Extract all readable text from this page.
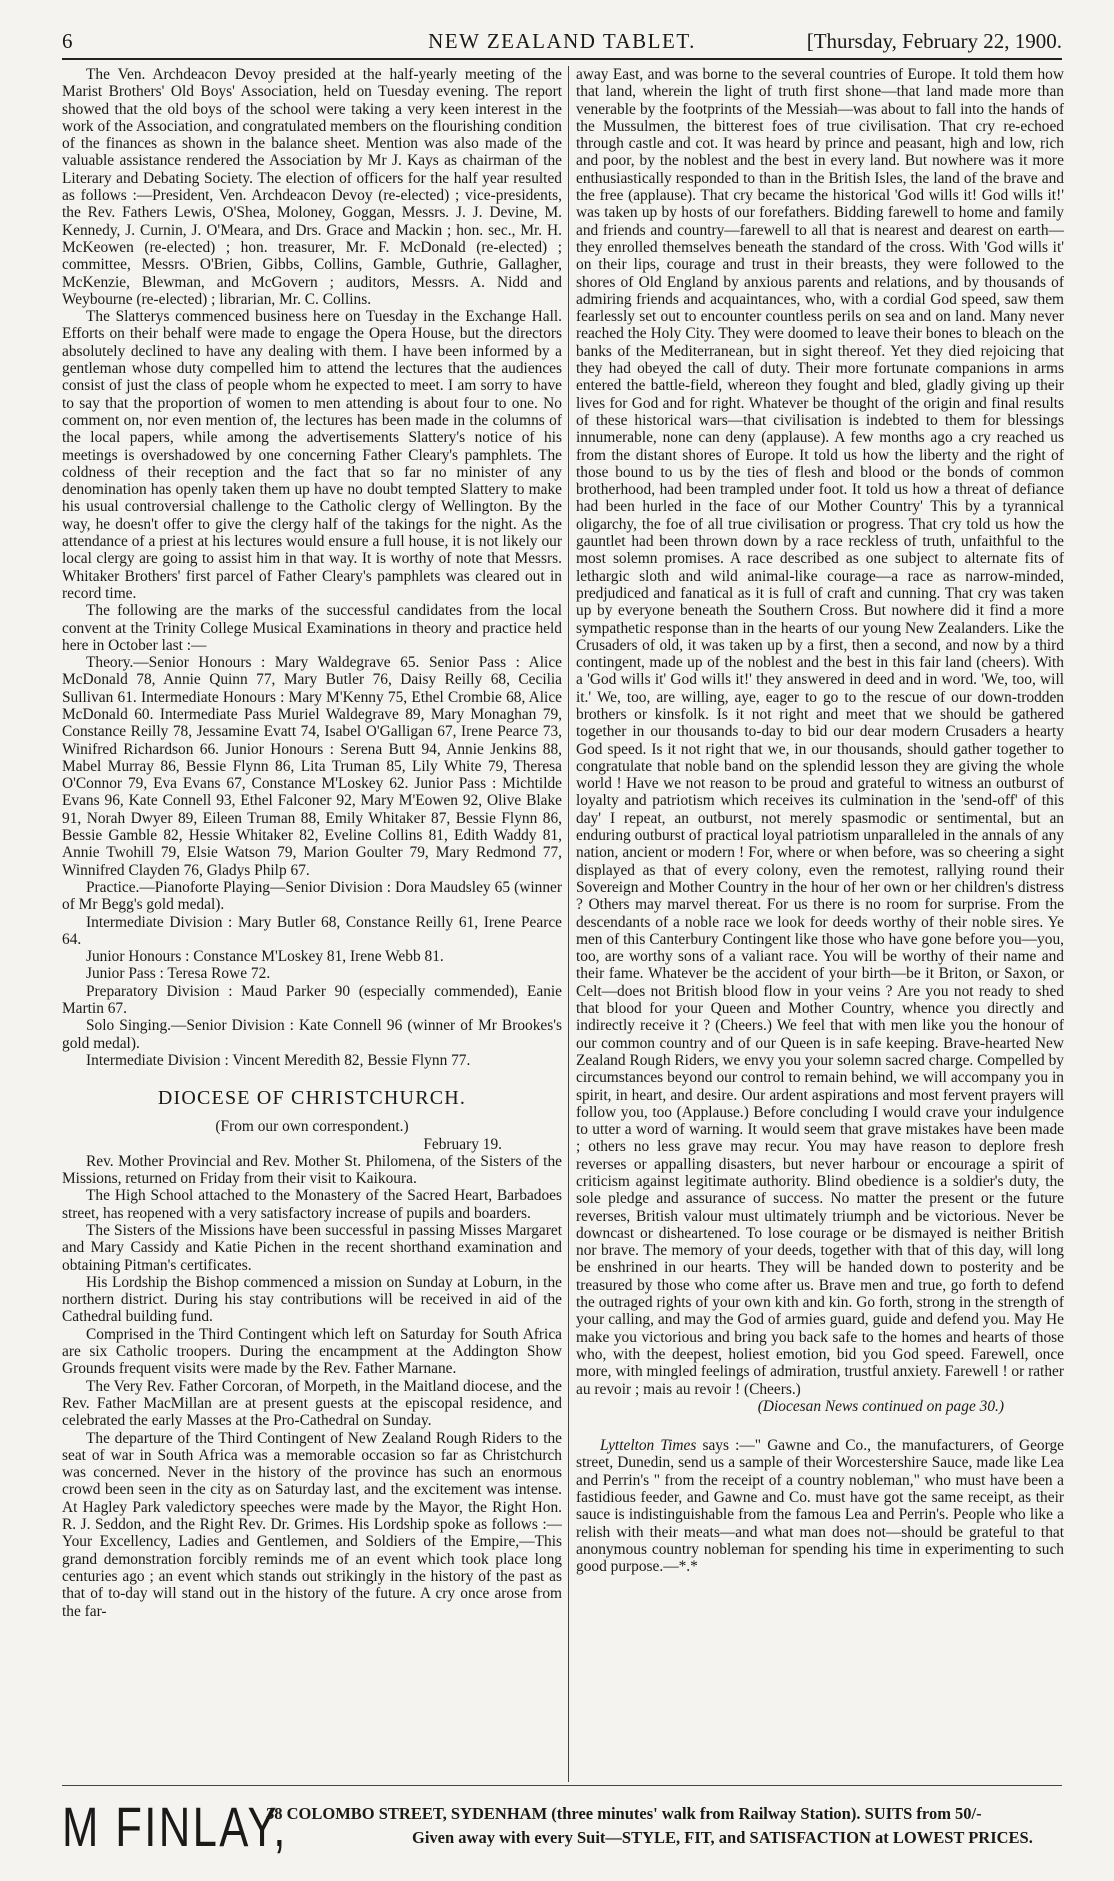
6	NEW ZEALAND TABLET.	[Thursday, February 22, 1900.

The Ven. Archdeacon Devoy presided at the half-yearly meeting of the Marist Brothers' Old Boys' Association, held on Tuesday evening. The report showed that the old boys of the school were taking a very keen interest in the work of the Association, and congratulated members on the flourishing condition of the finances as shown in the balance sheet. Mention was also made of the valuable assistance rendered the Association by Mr J. Kays as chairman of the Literary and Debating Society. The election of officers for the half year resulted as follows :—President, Ven. Archdeacon Devoy (re-elected) ; vice-presidents, the Rev. Fathers Lewis, O'Shea, Moloney, Goggan, Messrs. J. J. Devine, M. Kennedy, J. Curnin, J. O'Meara, and Drs. Grace and Mackin ; hon. sec., Mr. H. McKeowen (re-elected) ; hon. treasurer, Mr. F. McDonald (re-elected) ; committee, Messrs. O'Brien, Gibbs, Collins, Gamble, Guthrie, Gallagher, McKenzie, Blewman, and McGovern ; auditors, Messrs. A. Nidd and Weybourne (re-elected) ; librarian, Mr. C. Collins.

The Slatterys commenced business here on Tuesday in the Exchange Hall. Efforts on their behalf were made to engage the Opera House, but the directors absolutely declined to have any dealing with them. I have been informed by a gentleman whose duty compelled him to attend the lectures that the audiences consist of just the class of people whom he expected to meet. I am sorry to have to say that the proportion of women to men attending is about four to one. No comment on, nor even mention of, the lectures has been made in the columns of the local papers, while among the advertisements Slattery's notice of his meetings is overshadowed by one concerning Father Cleary's pamphlets. The coldness of their reception and the fact that so far no minister of any denomination has openly taken them up have no doubt tempted Slattery to make his usual controversial challenge to the Catholic clergy of Wellington. By the way, he doesn't offer to give the clergy half of the takings for the night. As the attendance of a priest at his lectures would ensure a full house, it is not likely our local clergy are going to assist him in that way. It is worthy of note that Messrs. Whitaker Brothers' first parcel of Father Cleary's pamphlets was cleared out in record time.

The following are the marks of the successful candidates from the local convent at the Trinity College Musical Examinations in theory and practice held here in October last :—

Theory.—Senior Honours : Mary Waldegrave 65. Senior Pass : Alice McDonald 78, Annie Quinn 77, Mary Butler 76, Daisy Reilly 68, Cecilia Sullivan 61. Intermediate Honours : Mary M'Kenny 75, Ethel Crombie 68, Alice McDonald 60. Intermediate Pass Muriel Waldegrave 89, Mary Monaghan 79, Constance Reilly 78, Jessamine Evatt 74, Isabel O'Galligan 67, Irene Pearce 73, Winifred Richardson 66. Junior Honours : Serena Butt 94, Annie Jenkins 88, Mabel Murray 86, Bessie Flynn 86, Lita Truman 85, Lily White 79, Theresa O'Connor 79, Eva Evans 67, Constance M'Loskey 62. Junior Pass : Michtilde Evans 96, Kate Connell 93, Ethel Falconer 92, Mary M'Eowen 92, Olive Blake 91, Norah Dwyer 89, Eileen Truman 88, Emily Whitaker 87, Bessie Flynn 86, Bessie Gamble 82, Hessie Whitaker 82, Eveline Collins 81, Edith Waddy 81, Annie Twohill 79, Elsie Watson 79, Marion Goulter 79, Mary Redmond 77, Winnifred Clayden 76, Gladys Philp 67.

Practice.—Pianoforte Playing—Senior Division : Dora Maudsley 65 (winner of Mr Begg's gold medal).

Intermediate Division : Mary Butler 68, Constance Reilly 61, Irene Pearce 64.

Junior Honours : Constance M'Loskey 81, Irene Webb 81.

Junior Pass : Teresa Rowe 72.

Preparatory Division : Maud Parker 90 (especially commended), Eanie Martin 67.

Solo Singing.—Senior Division : Kate Connell 96 (winner of Mr Brookes's gold medal).

Intermediate Division : Vincent Meredith 82, Bessie Flynn 77.

DIOCESE OF CHRISTCHURCH.

(From our own correspondent.)

February 19.

Rev. Mother Provincial and Rev. Mother St. Philomena, of the Sisters of the Missions, returned on Friday from their visit to Kaikoura.

The High School attached to the Monastery of the Sacred Heart, Barbadoes street, has reopened with a very satisfactory increase of pupils and boarders.

The Sisters of the Missions have been successful in passing Misses Margaret and Mary Cassidy and Katie Pichen in the recent shorthand examination and obtaining Pitman's certificates.

His Lordship the Bishop commenced a mission on Sunday at Loburn, in the northern district. During his stay contributions will be received in aid of the Cathedral building fund.

Comprised in the Third Contingent which left on Saturday for South Africa are six Catholic troopers. During the encampment at the Addington Show Grounds frequent visits were made by the Rev. Father Marnane.

The Very Rev. Father Corcoran, of Morpeth, in the Maitland diocese, and the Rev. Father MacMillan are at present guests at the episcopal residence, and celebrated the early Masses at the Pro-Cathedral on Sunday.

The departure of the Third Contingent of New Zealand Rough Riders to the seat of war in South Africa was a memorable occasion so far as Christchurch was concerned. Never in the history of the province has such an enormous crowd been seen in the city as on Saturday last, and the excitement was intense. At Hagley Park valedictory speeches were made by the Mayor, the Right Hon. R. J. Seddon, and the Right Rev. Dr. Grimes. His Lordship spoke as follows :— Your Excellency, Ladies and Gentlemen, and Soldiers of the Empire,—This grand demonstration forcibly reminds me of an event which took place long centuries ago ; an event which stands out strikingly in the history of the past as that of to-day will stand out in the history of the future. A cry once arose from the far-

away East, and was borne to the several countries of Europe. It told them how that land, wherein the light of truth first shone—that land made more than venerable by the footprints of the Messiah—was about to fall into the hands of the Mussulmen, the bitterest foes of true civilisation. That cry re-echoed through castle and cot. It was heard by prince and peasant, high and low, rich and poor, by the noblest and the best in every land. But nowhere was it more enthusiastically responded to than in the British Isles, the land of the brave and the free (applause). That cry became the historical 'God wills it! God wills it!' was taken up by hosts of our forefathers. Bidding farewell to home and family and friends and country—farewell to all that is nearest and dearest on earth—they enrolled themselves beneath the standard of the cross. With 'God wills it' on their lips, courage and trust in their breasts, they were followed to the shores of Old England by anxious parents and relations, and by thousands of admiring friends and acquaintances, who, with a cordial God speed, saw them fearlessly set out to encounter countless perils on sea and on land. Many never reached the Holy City. They were doomed to leave their bones to bleach on the banks of the Mediterranean, but in sight thereof. Yet they died rejoicing that they had obeyed the call of duty. Their more fortunate companions in arms entered the battle-field, whereon they fought and bled, gladly giving up their lives for God and for right. Whatever be thought of the origin and final results of these historical wars—that civilisation is indebted to them for blessings innumerable, none can deny (applause). A few months ago a cry reached us from the distant shores of Europe. It told us how the liberty and the right of those bound to us by the ties of flesh and blood or the bonds of common brotherhood, had been trampled under foot. It told us how a threat of defiance had been hurled in the face of our Mother Country' This by a tyrannical oligarchy, the foe of all true civilisation or progress. That cry told us how the gauntlet had been thrown down by a race reckless of truth, unfaithful to the most solemn promises. A race described as one subject to alternate fits of lethargic sloth and wild animal-like courage—a race as narrow-minded, predjudiced and fanatical as it is full of craft and cunning. That cry was taken up by everyone beneath the Southern Cross. But nowhere did it find a more sympathetic response than in the hearts of our young New Zealanders. Like the Crusaders of old, it was taken up by a first, then a second, and now by a third contingent, made up of the noblest and the best in this fair land (cheers). With a 'God wills it' God wills it!' they answered in deed and in word. 'We, too, will it.' We, too, are willing, aye, eager to go to the rescue of our down-trodden brothers or kinsfolk. Is it not right and meet that we should be gathered together in our thousands to-day to bid our dear modern Crusaders a hearty God speed. Is it not right that we, in our thousands, should gather together to congratulate that noble band on the splendid lesson they are giving the whole world ! Have we not reason to be proud and grateful to witness an outburst of loyalty and patriotism which receives its culmination in the 'send-off' of this day' I repeat, an outburst, not merely spasmodic or sentimental, but an enduring outburst of practical loyal patriotism unparalleled in the annals of any nation, ancient or modern ! For, where or when before, was so cheering a sight displayed as that of every colony, even the remotest, rallying round their Sovereign and Mother Country in the hour of her own or her children's distress ? Others may marvel thereat. For us there is no room for surprise. From the descendants of a noble race we look for deeds worthy of their noble sires. Ye men of this Canterbury Contingent like those who have gone before you—you, too, are worthy sons of a valiant race. You will be worthy of their name and their fame. Whatever be the accident of your birth—be it Briton, or Saxon, or Celt—does not British blood flow in your veins ? Are you not ready to shed that blood for your Queen and Mother Country, whence you directly and indirectly receive it ? (Cheers.) We feel that with men like you the honour of our common country and of our Queen is in safe keeping. Brave-hearted New Zealand Rough Riders, we envy you your solemn sacred charge. Compelled by circumstances beyond our control to remain behind, we will accompany you in spirit, in heart, and desire. Our ardent aspirations and most fervent prayers will follow you, too (Applause.) Before concluding I would crave your indulgence to utter a word of warning. It would seem that grave mistakes have been made ; others no less grave may recur. You may have reason to deplore fresh reverses or appalling disasters, but never harbour or encourage a spirit of criticism against legitimate authority. Blind obedience is a soldier's duty, the sole pledge and assurance of success. No matter the present or the future reverses, British valour must ultimately triumph and be victorious. Never be downcast or disheartened. To lose courage or be dismayed is neither British nor brave. The memory of your deeds, together with that of this day, will long be enshrined in our hearts. They will be handed down to posterity and be treasured by those who come after us. Brave men and true, go forth to defend the outraged rights of your own kith and kin. Go forth, strong in the strength of your calling, and may the God of armies guard, guide and defend you. May He make you victorious and bring you back safe to the homes and hearts of those who, with the deepest, holiest emotion, bid you God speed. Farewell, once more, with mingled feelings of admiration, trustful anxiety. Farewell ! or rather au revoir ; mais au revoir ! (Cheers.)

(Diocesan News continued on page 30.)

Lyttelton Times says :—" Gawne and Co., the manufacturers, of George street, Dunedin, send us a sample of their Worcestershire Sauce, made like Lea and Perrin's " from the receipt of a country nobleman," who must have been a fastidious feeder, and Gawne and Co. must have got the same receipt, as their sauce is indistinguishable from the famous Lea and Perrin's. People who like a relish with their meats—and what man does not—should be grateful to that anonymous country nobleman for spending his time in experimenting to such good purpose.—*.*

M FINLAY,
38 COLOMBO STREET, SYDENHAM (three minutes' walk from Railway Station). SUITS from 50/-
Given away with every Suit—STYLE, FIT, and SATISFACTION at LOWEST PRICES.
